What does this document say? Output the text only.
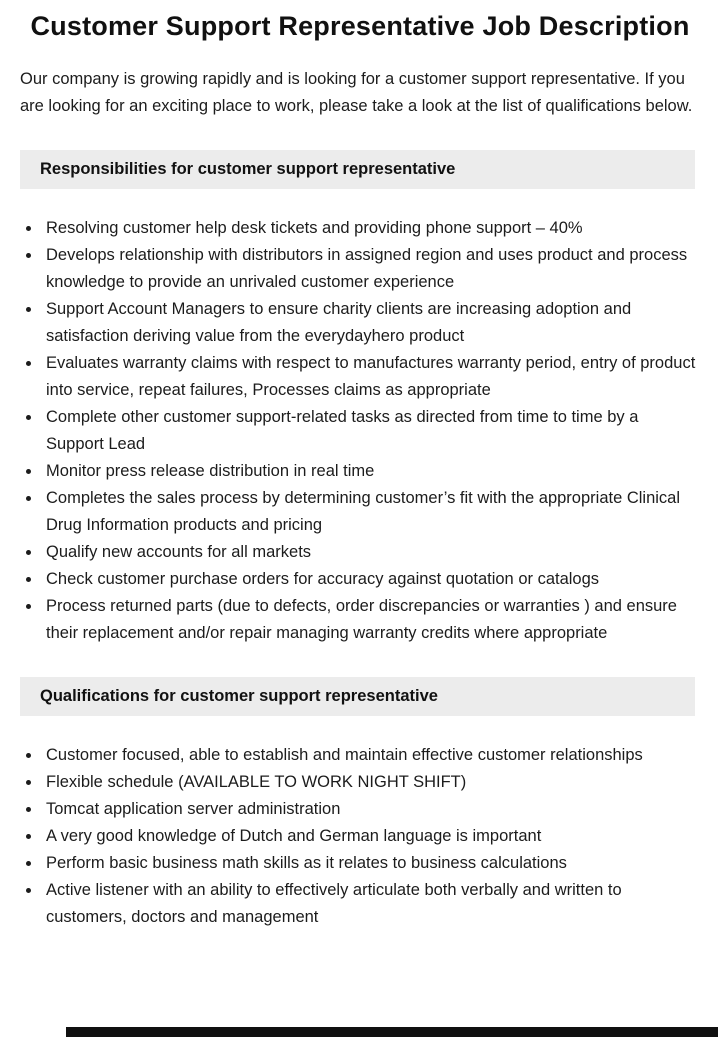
Customer Support Representative Job Description

Our company is growing rapidly and is looking for a customer support representative. If you are looking for an exciting place to work, please take a look at the list of qualifications below.

Responsibilities for customer support representative
• Resolving customer help desk tickets and providing phone support – 40%
• Develops relationship with distributors in assigned region and uses product and process knowledge to provide an unrivaled customer experience
• Support Account Managers to ensure charity clients are increasing adoption and satisfaction deriving value from the everydayhero product
• Evaluates warranty claims with respect to manufactures warranty period, entry of product into service, repeat failures, Processes claims as appropriate
• Complete other customer support-related tasks as directed from time to time by a Support Lead
• Monitor press release distribution in real time
• Completes the sales process by determining customer’s fit with the appropriate Clinical Drug Information products and pricing
• Qualify new accounts for all markets
• Check customer purchase orders for accuracy against quotation or catalogs
• Process returned parts (due to defects, order discrepancies or warranties ) and ensure their replacement and/or repair managing warranty credits where appropriate
Qualifications for customer support representative
• Customer focused, able to establish and maintain effective customer relationships
• Flexible schedule (AVAILABLE TO WORK NIGHT SHIFT)
• Tomcat application server administration
• A very good knowledge of Dutch and German language is important
• Perform basic business math skills as it relates to business calculations
• Active listener with an ability to effectively articulate both verbally and written to customers, doctors and management
